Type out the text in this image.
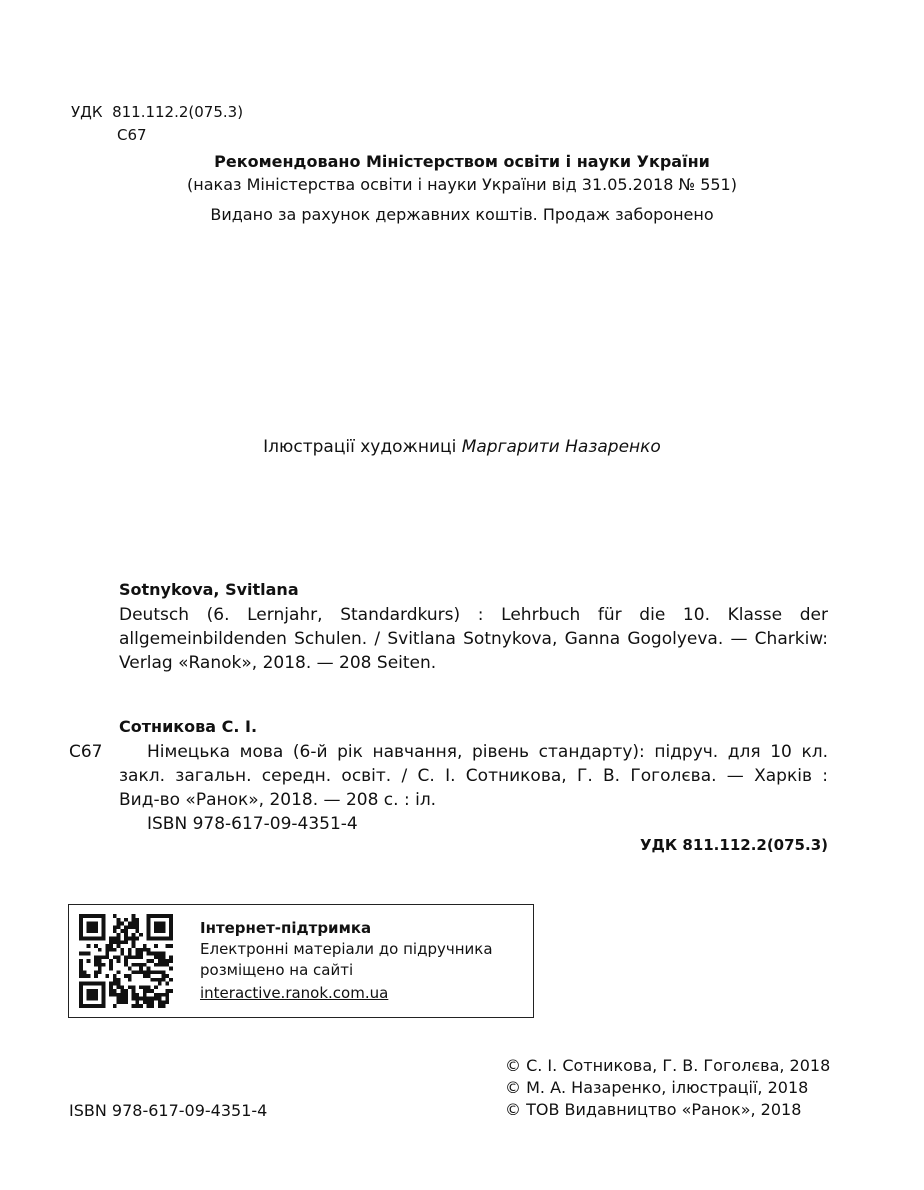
УДК 811.112.2(075.3)
С67
Рекомендовано Міністерством освіти і науки України
(наказ Міністерства освіти і науки України від 31.05.2018 № 551)
Видано за рахунок державних коштів. Продаж заборонено
Ілюстрації художниці Маргарити Назаренко
Sotnykova, Svitlana
Deutsch (6. Lernjahr, Standardkurs) : Lehrbuch für die 10. Klasse der
allgemeinbildenden Schulen. / Svitlana Sotnykova, Ganna Gogolyeva. — Charkiw:
Verlag «Ranok», 2018. — 208 Seiten.
С67
Сотникова С. І.
Німецька мова (6-й рік навчання, рівень стандарту): підруч. для 10 кл.
закл. загальн. середн. освіт. / С. І. Сотникова, Г. В. Гоголєва. — Харків :
Вид-во «Ранок», 2018. — 208 с. : іл.
ISBN 978-617-09-4351-4
УДК 811.112.2(075.3)
Інтернет-підтримка
Електронні матеріали до підручника
розміщено на сайті
interactive.ranok.com.ua
ISBN 978-617-09-4351-4
© С. І. Сотникова, Г. В. Гоголєва, 2018
© М. А. Назаренко, ілюстрації, 2018
© ТОВ Видавництво «Ранок», 2018
